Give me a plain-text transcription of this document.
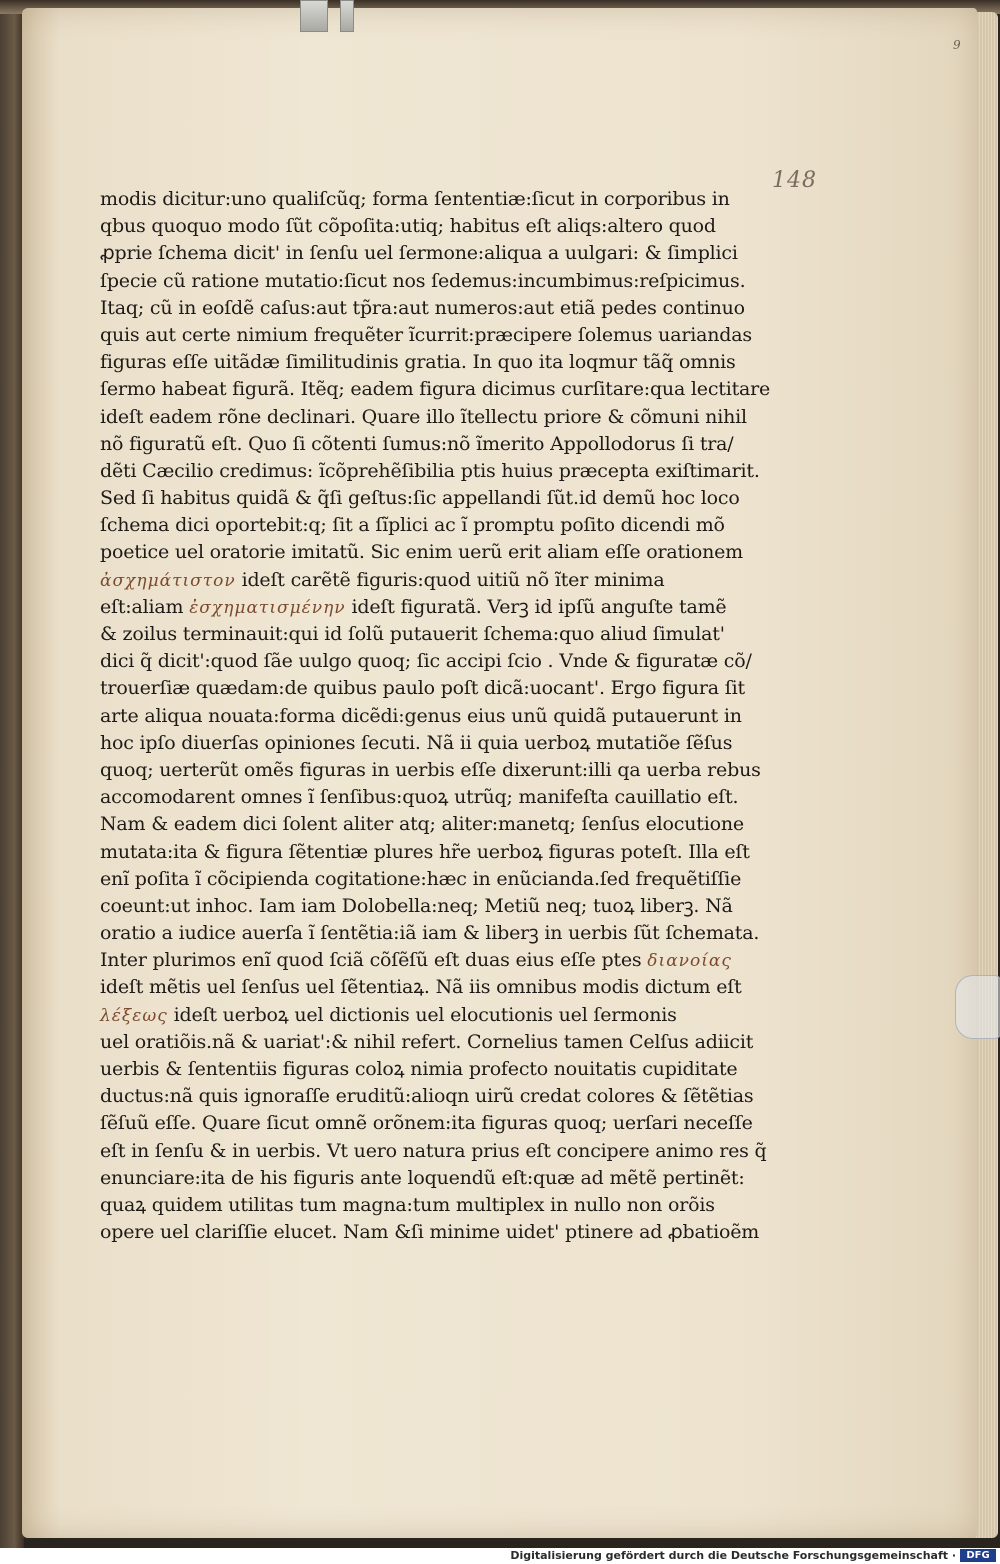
9
148
modis dicitur:uno qualiſcũq; forma ſententiæ:ſicut in corporibus in
qbus quoquo modo ſũt cõpoſita:utiq; habitus eſt aliqs:altero quod
ꝓprie ſchema dicit' in ſenſu uel ſermone:aliqua a uulgari: & ſimplici
ſpecie cũ ratione mutatio:ſicut nos ſedemus:incumbimus:reſpicimus.
Itaq; cũ in eoſdẽ caſus:aut tp̃ra:aut numeros:aut etiã pedes continuo
quis aut certe nimium frequẽter ĩcurrit:præcipere ſolemus uariandas
figuras eſſe uitãdæ ſimilitudinis gratia. In quo ita loqmur tãq̃ omnis
ſermo habeat figurã. Itẽq; eadem figura dicimus curſitare:qua lectitare
ideſt eadem rõne declinari. Quare illo ĩtellectu priore & cõmuni nihil
nõ figuratũ eſt. Quo ſi cõtenti ſumus:nõ ĩmerito Appollodorus ſi tra/
dẽti Cæcilio credimus: ĩcõprehẽſibilia ptis huius præcepta exiſtimarit.
Sed ſi habitus quidã & q̃ſi geſtus:ſic appellandi ſũt.id demũ hoc loco
ſchema dici oportebit:q; ſit a ſĩplici ac ĩ promptu poſito dicendi mõ
poetice uel oratorie imitatũ. Sic enim uerũ erit aliam eſſe orationem
ἀσχημάτιστον ideſt carẽtẽ figuris:quod uitiũ nõ ĩter minima
eſt:aliam ἐσχηματισμένην ideſt figuratã. Verꝫ id ipſũ anguſte tamẽ
& zoilus terminauit:qui id ſolũ putauerit ſchema:quo aliud ſimulat'
dici q̃ dicit':quod ſãe uulgo quoq; ſic accipi ſcio . Vnde & figuratæ cõ/
trouerſiæ quædam:de quibus paulo poſt dicã:uocant'. Ergo figura ſit
arte aliqua nouata:forma dicẽdi:genus eius unũ quidã putauerunt in
hoc ipſo diuerſas opiniones ſecuti. Nã ii quia uerboꝝ mutatiõe ſẽſus
quoq; uerterũt omẽs figuras in uerbis eſſe dixerunt:illi qa uerba rebus
accomodarent omnes ĩ ſenſibus:quoꝝ utrũq; manifeſta cauillatio eſt.
Nam & eadem dici ſolent aliter atq; aliter:manetq; ſenſus elocutione
mutata:ita & figura ſẽtentiæ plures hr̃e uerboꝝ figuras poteſt. Illa eſt
enĩ poſita ĩ cõcipienda cogitatione:hæc in enũcianda.ſed frequẽtiſſie
coeunt:ut inhoc. Iam iam Dolobella:neq; Metiũ neq; tuoꝝ liberꝫ. Nã
oratio a iudice auerſa ĩ ſentẽtia:iã iam & liberꝫ in uerbis ſũt ſchemata.
Inter plurimos enĩ quod ſciã cõſẽſũ eſt duas eius eſſe ptes διανοίας
ideſt mẽtis uel ſenſus uel ſẽtentiaꝝ. Nã iis omnibus modis dictum eſt
λέξεως ideſt uerboꝝ uel dictionis uel elocutionis uel ſermonis
uel oratiõis.nã & uariat':& nihil refert. Cornelius tamen Celſus adiicit
uerbis & ſententiis figuras coloꝝ nimia profecto nouitatis cupiditate
ductus:nã quis ignoraſſe eruditũ:alioqn uirũ credat colores & ſẽtẽtias
ſẽſuũ eſſe. Quare ſicut omnẽ orõnem:ita figuras quoq; uerſari neceſſe
eſt in ſenſu & in uerbis. Vt uero natura prius eſt concipere animo res q̃
enunciare:ita de his figuris ante loquendũ eſt:quæ ad mẽtẽ pertinẽt:
quaꝝ quidem utilitas tum magna:tum multiplex in nullo non orõis
opere uel clariſſie elucet. Nam &ſi minime uidet' ptinere ad ꝓbatioẽm
Digitalisierung gefördert durch die Deutsche Forschungsgemeinschaft ·	DFG
